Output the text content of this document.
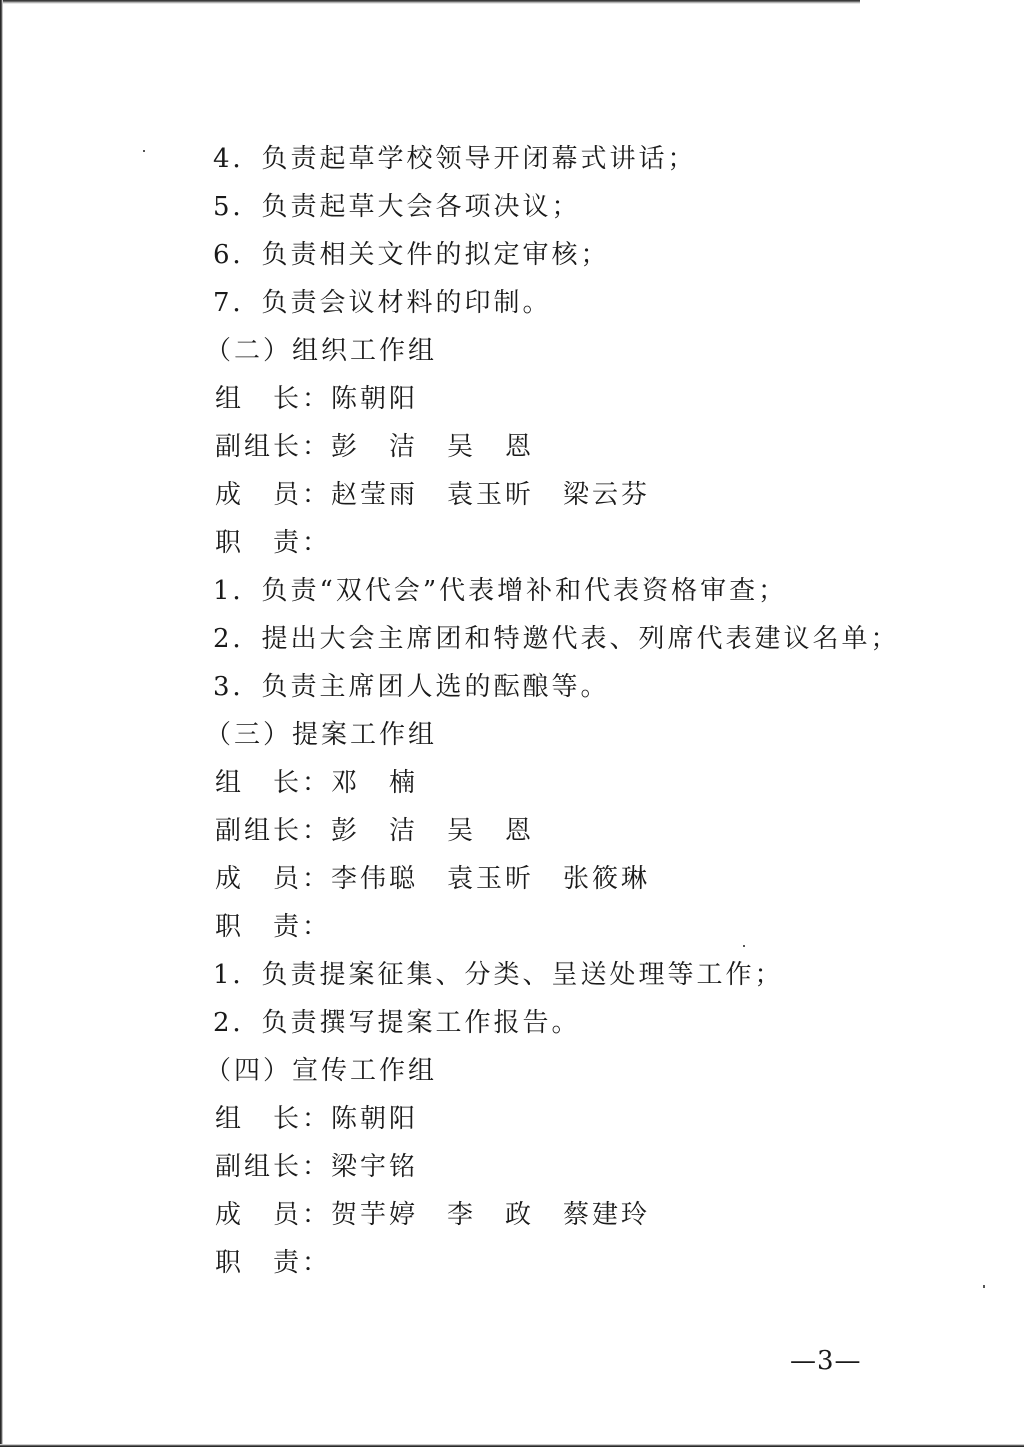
4．负责起草学校领导开闭幕式讲话；
5．负责起草大会各项决议；
6．负责相关文件的拟定审核；
7．负责会议材料的印制。
（二）组织工作组
组　长：陈朝阳
副组长：彭　洁　吴　恩
成　员：赵莹雨　袁玉昕　梁云芬
职　责：
1．负责“双代会”代表增补和代表资格审查；
2．提出大会主席团和特邀代表、列席代表建议名单；
3．负责主席团人选的酝酿等。
（三）提案工作组
组　长：邓　楠
副组长：彭　洁　吴　恩
成　员：李伟聪　袁玉昕　张筱琳
职　责：
1．负责提案征集、分类、呈送处理等工作；
2．负责撰写提案工作报告。
（四）宣传工作组
组　长：陈朝阳
副组长：梁宇铭
成　员：贺芋婷　李　政　蔡建玲
职　责：
—3—
